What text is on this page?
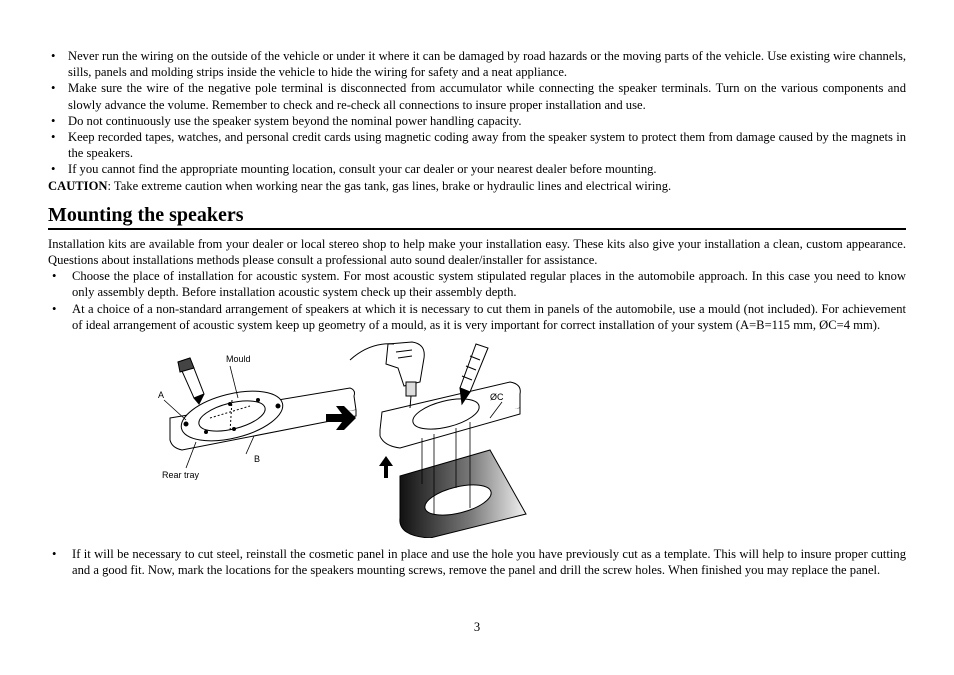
• Never run the wiring on the outside of the vehicle or under it where it can be damaged by road hazards or the moving parts of the vehicle. Use existing wire channels, sills, panels and molding strips inside the vehicle to hide the wiring for safety and a neat appliance.
• Make sure the wire of the negative pole terminal is disconnected from accumulator while connecting the speaker terminals. Turn on the various components and slowly advance the volume. Remember to check and re-check all connections to insure proper installation and use.
• Do not continuously use the speaker system beyond the nominal power handling capacity.
• Keep recorded tapes, watches, and personal credit cards using magnetic coding away from the speaker system to protect them from damage caused by the magnets in the speakers.
• If you cannot find the appropriate mounting location, consult your car dealer or your nearest dealer before mounting.

CAUTION: Take extreme caution when working near the gas tank, gas lines, brake or hydraulic lines and electrical wiring.

Mounting the speakers

Installation kits are available from your dealer or local stereo shop to help make your installation easy. These kits also give your installation a clean, custom appearance. Questions about installations methods please consult a professional auto sound dealer/installer for assistance.

• Choose the place of installation for acoustic system. For most acoustic system stipulated regular places in the automobile approach. In this case you need to know only assembly depth. Before installation acoustic system check up their assembly depth.
• At a choice of a non-standard arrangement of speakers at which it is necessary to cut them in panels of the automobile, use a mould (not included). For achievement of ideal arrangement of acoustic system keep up geometry of a mould, as it is very important for correct installation of your system (A=B=115 mm, ØC=4 mm).
Mould
A
B
Rear tray
ØC
• If it will be necessary to cut steel, reinstall the cosmetic panel in place and use the hole you have previously cut as a template. This will help to insure proper cutting and a good fit. Now, mark the locations for the speakers mounting screws, remove the panel and drill the screw holes. When finished you may replace the panel.
3
